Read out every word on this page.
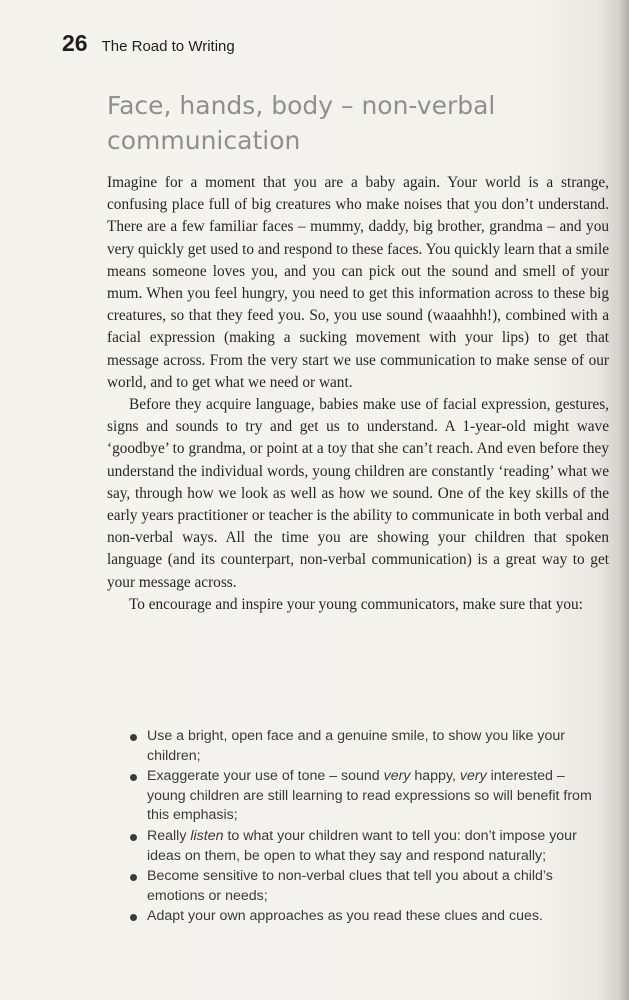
26 The Road to Writing
Face, hands, body – non-verbal
communication

Imagine for a moment that you are a baby again. Your world is a strange, confusing place full of big creatures who make noises that you don’t understand. There are a few familiar faces – mummy, daddy, big brother, grandma – and you very quickly get used to and respond to these faces. You quickly learn that a smile means someone loves you, and you can pick out the sound and smell of your mum. When you feel hungry, you need to get this information across to these big creatures, so that they feed you. So, you use sound (waaahhh!), combined with a facial expression (making a sucking movement with your lips) to get that message across. From the very start we use communication to make sense of our world, and to get what we need or want.

Before they acquire language, babies make use of facial expression, gestures, signs and sounds to try and get us to understand. A 1-year-old might wave ‘goodbye’ to grandma, or point at a toy that she can’t reach. And even before they understand the individual words, young children are constantly ‘reading’ what we say, through how we look as well as how we sound. One of the key skills of the early years practitioner or teacher is the ability to communicate in both verbal and non-verbal ways. All the time you are showing your children that spoken language (and its counterpart, non-verbal communication) is a great way to get your message across.

To encourage and inspire your young communicators, make sure that you:

Use a bright, open face and a genuine smile, to show you like your children;
Exaggerate your use of tone – sound very happy, very interested – young children are still learning to read expressions so will benefit from this emphasis;
Really listen to what your children want to tell you: don’t impose your ideas on them, be open to what they say and respond naturally;
Become sensitive to non-verbal clues that tell you about a child’s emotions or needs;
Adapt your own approaches as you read these clues and cues.
